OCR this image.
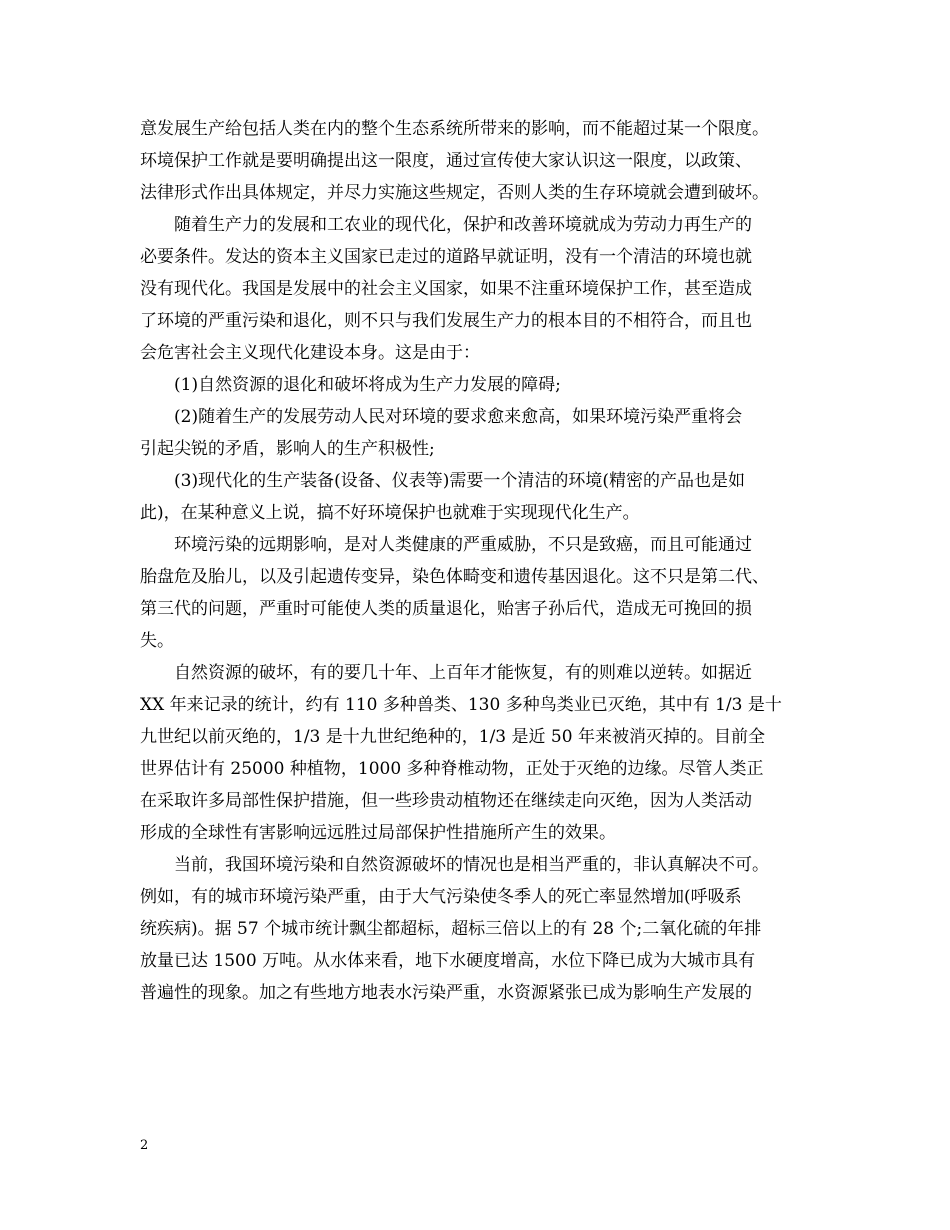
意发展生产给包括人类在内的整个生态系统所带来的影响，而不能超过某一个限度。
环境保护工作就是要明确提出这一限度，通过宣传使大家认识这一限度，以政策、
法律形式作出具体规定，并尽力实施这些规定，否则人类的生存环境就会遭到破坏。
随着生产力的发展和工农业的现代化，保护和改善环境就成为劳动力再生产的
必要条件。发达的资本主义国家已走过的道路早就证明，没有一个清洁的环境也就
没有现代化。我国是发展中的社会主义国家，如果不注重环境保护工作，甚至造成
了环境的严重污染和退化，则不只与我们发展生产力的根本目的不相符合，而且也
会危害社会主义现代化建设本身。这是由于：
(1)自然资源的退化和破坏将成为生产力发展的障碍;
(2)随着生产的发展劳动人民对环境的要求愈来愈高，如果环境污染严重将会
引起尖锐的矛盾，影响人的生产积极性;
(3)现代化的生产装备(设备、仪表等)需要一个清洁的环境(精密的产品也是如
此)，在某种意义上说，搞不好环境保护也就难于实现现代化生产。
环境污染的远期影响，是对人类健康的严重威胁，不只是致癌，而且可能通过
胎盘危及胎儿，以及引起遗传变异，染色体畸变和遗传基因退化。这不只是第二代、
第三代的问题，严重时可能使人类的质量退化，贻害子孙后代，造成无可挽回的损
失。
自然资源的破坏，有的要几十年、上百年才能恢复，有的则难以逆转。如据近
XX 年来记录的统计，约有 110 多种兽类、130 多种鸟类业已灭绝，其中有 1/3 是十
九世纪以前灭绝的，1/3 是十九世纪绝种的，1/3 是近 50 年来被消灭掉的。目前全
世界估计有 25000 种植物，1000 多种脊椎动物，正处于灭绝的边缘。尽管人类正
在采取许多局部性保护措施，但一些珍贵动植物还在继续走向灭绝，因为人类活动
形成的全球性有害影响远远胜过局部保护性措施所产生的效果。
当前，我国环境污染和自然资源破坏的情况也是相当严重的，非认真解决不可。
例如，有的城市环境污染严重，由于大气污染使冬季人的死亡率显然增加(呼吸系
统疾病)。据 57 个城市统计飘尘都超标，超标三倍以上的有 28 个;二氧化硫的年排
放量已达 1500 万吨。从水体来看，地下水硬度增高，水位下降已成为大城市具有
普遍性的现象。加之有些地方地表水污染严重，水资源紧张已成为影响生产发展的
2
